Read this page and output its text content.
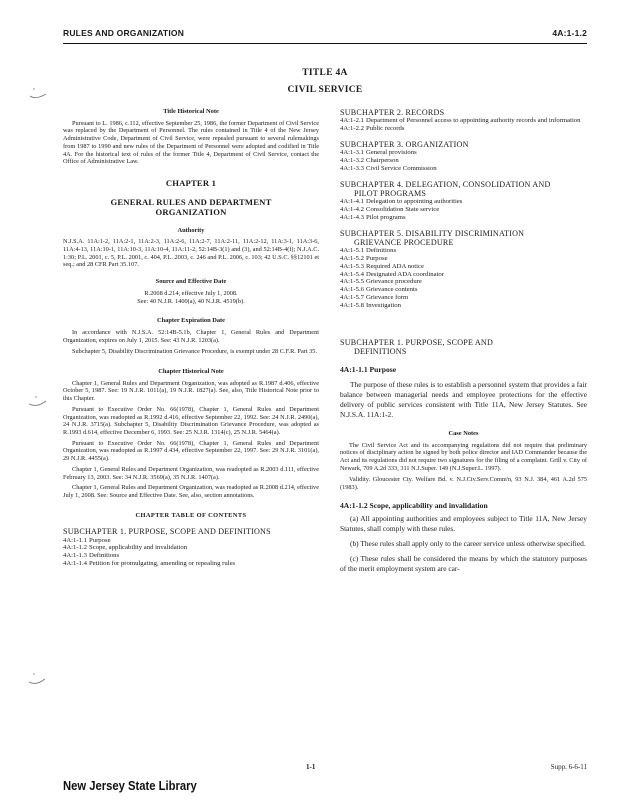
RULES AND ORGANIZATION	4A:1-1.2
TITLE 4A
CIVIL SERVICE
Title Historical Note
Pursuant to L. 1986, c.112, effective September 25, 1986, the former Department of Civil Service was replaced by the Department of Personnel. The rules contained in Title 4 of the New Jersey Administrative Code, Department of Civil Service, were repealed pursuant to several rulemakings from 1987 to 1990 and new rules of the Department of Personnel were adopted and codified in Title 4A. For the historical text of rules of the former Title 4, Department of Civil Service, contact the Office of Administrative Law.
CHAPTER 1
GENERAL RULES AND DEPARTMENT ORGANIZATION
Authority
N.J.S.A. 11A:1-2, 11A:2-1, 11A:2-3, 11A:2-6, 11A:2-7, 11A:2-11, 11A:2-12, 11A:3-1, 11A:3-6, 11A:4-13, 11A:10-1, 11A:10-3, 11A:10-4, 11A:11-2, 52:14B-3(1) and (3), and 52:14B-4(f); N.J.A.C. 1:30; P.L. 2001, c. 5, P.L. 2001, c. 404, P.L. 2003, c. 246 and P.L. 2006, c. 103; 42 U.S.C. §§12101 et seq.; and 28 CFR Part 35.107.
Source and Effective Date
R.2008 d.214, effective July 1, 2008.
See: 40 N.J.R. 1400(a), 40 N.J.R. 4519(b).
Chapter Expiration Date
In accordance with N.J.S.A. 52:14B-5.1b, Chapter 1, General Rules and Department Organization, expires on July 1, 2015. See: 43 N.J.R. 1203(a).
Subchapter 5, Disability Discrimination Grievance Procedure, is exempt under 28 C.F.R. Part 35.
Chapter Historical Note
Chapter 1, General Rules and Department Organization, was adopted as R.1987 d.406, effective October 5, 1987. See: 19 N.J.R. 1011(a), 19 N.J.R. 1827(a). See, also, Title Historical Note prior to this Chapter.
Pursuant to Executive Order No. 66(1978), Chapter 1, General Rules and Department Organization, was readopted as R.1992 d.416, effective September 22, 1992. See: 24 N.J.R. 2490(a), 24 N.J.R. 3715(a). Subchapter 5, Disability Discrimination Grievance Procedure, was adopted as R.1993 d.614, effective December 6, 1993. See: 25 N.J.R. 1314(c), 25 N.J.R. 5464(a).
Pursuant to Executive Order No. 66(1978), Chapter 1, General Rules and Department Organization, was readopted as R.1997 d.434, effective September 22, 1997. See: 29 N.J.R. 3101(a), 29 N.J.R. 4455(a).
Chapter 1, General Rules and Department Organization, was readopted as R.2003 d.111, effective February 13, 2003. See: 34 N.J.R. 3569(a), 35 N.J.R. 1407(a).
Chapter 1, General Rules and Department Organization, was readopted as R.2008 d.214, effective July 1, 2008. See: Source and Effective Date. See, also, section annotations.
CHAPTER TABLE OF CONTENTS
SUBCHAPTER 1. PURPOSE, SCOPE AND DEFINITIONS
4A:1-1.1 Purpose
4A:1-1.2 Scope, applicability and invalidation
4A:1-1.3 Definitions
4A:1-1.4 Petition for promulgating, amending or repealing rules
SUBCHAPTER 2. RECORDS
4A:1-2.1 Department of Personnel access to appointing authority records and information
4A:1-2.2 Public records
SUBCHAPTER 3. ORGANIZATION
4A:1-3.1 General provisions
4A:1-3.2 Chairperson
4A:1-3.3 Civil Service Commission
SUBCHAPTER 4. DELEGATION, CONSOLIDATION AND
PILOT PROGRAMS
4A:1-4.1 Delegation to appointing authorities
4A:1-4.2 Consolidation State service
4A:1-4.3 Pilot programs
SUBCHAPTER 5. DISABILITY DISCRIMINATION
GRIEVANCE PROCEDURE
4A:1-5.1 Definitions
4A:1-5.2 Purpose
4A:1-5.3 Required ADA notice
4A:1-5.4 Designated ADA coordinator
4A:1-5.5 Grievance procedure
4A:1-5.6 Grievance contents
4A:1-5.7 Grievance form
4A:1-5.8 Investigation
SUBCHAPTER 1. PURPOSE, SCOPE AND
DEFINITIONS
4A:1-1.1 Purpose
The purpose of these rules is to establish a personnel system that provides a fair balance between managerial needs and employee protections for the effective delivery of public services consistent with Title 11A, New Jersey Statutes. See N.J.S.A. 11A:1-2.
Case Notes
The Civil Service Act and its accompanying regulations did not require that preliminary notices of disciplinary action be signed by both police director and IAD Commander because the Act and its regulations did not require two signatures for the filing of a complaint. Grill v. City of Newark, 709 A.2d 333, 311 N.J.Super. 149 (N.J.Super.L. 1997).
Validity. Gloucester Cty. Welfare Bd. v. N.J.Civ.Serv.Comm'n, 93 N.J. 384, 461 A.2d 575 (1983).
4A:1-1.2 Scope, applicability and invalidation
(a) All appointing authorities and employees subject to Title 11A, New Jersey Statutes, shall comply with these rules.
(b) These rules shall apply only to the career service unless otherwise specified.
(c) These rules shall be considered the means by which the statutory purposes of the merit employment system are car-
1-1	Supp. 6-6-11
New Jersey State Library
